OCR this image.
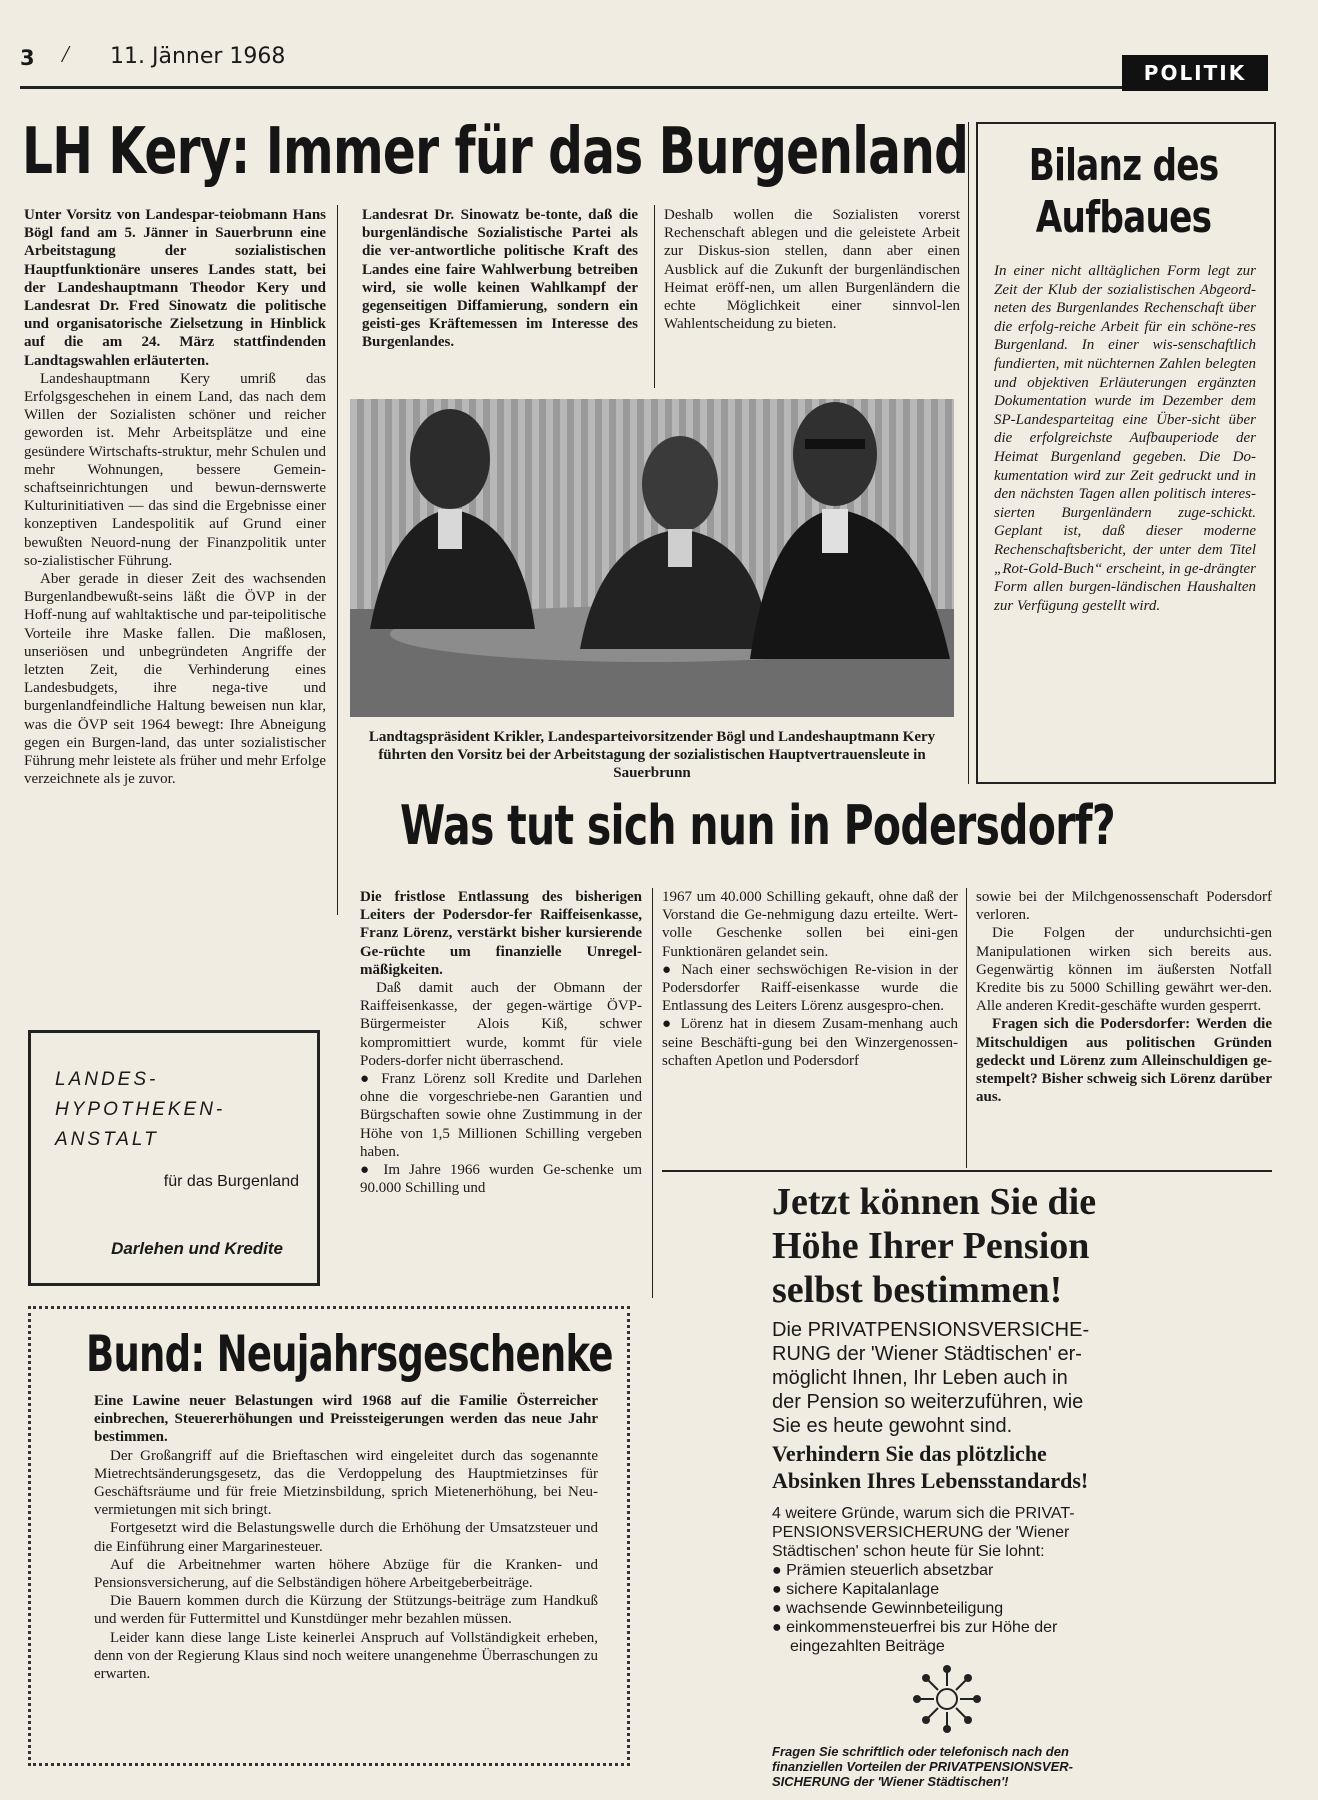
3 / 11. Jänner 1968
POLITIK
LH Kery: Immer für das Burgenland

Unter Vorsitz von Landespar-teiobmann Hans Bögl fand am 5. Jänner in Sauerbrunn eine Arbeitstagung der sozialistischen Hauptfunktionäre unseres Landes statt, bei der Landeshauptmann Theodor Kery und Landesrat Dr. Fred Sinowatz die politische und organisatorische Zielsetzung in Hinblick auf die am 24. März stattfindenden Landtagswahlen erläuterten.

Landeshauptmann Kery umriß das Erfolgsgeschehen in einem Land, das nach dem Willen der Sozialisten schöner und reicher geworden ist. Mehr Arbeitsplätze und eine gesündere Wirtschafts-struktur, mehr Schulen und mehr Wohnungen, bessere Gemein-schaftseinrichtungen und bewun-dernswerte Kulturinitiativen — das sind die Ergebnisse einer konzeptiven Landespolitik auf Grund einer bewußten Neuord-nung der Finanzpolitik unter so-zialistischer Führung.

Aber gerade in dieser Zeit des wachsenden Burgenlandbewußt-seins läßt die ÖVP in der Hoff-nung auf wahltaktische und par-teipolitische Vorteile ihre Maske fallen. Die maßlosen, unseriösen und unbegründeten Angriffe der letzten Zeit, die Verhinderung eines Landesbudgets, ihre nega-tive und burgenlandfeindliche Haltung beweisen nun klar, was die ÖVP seit 1964 bewegt: Ihre Abneigung gegen ein Burgen-land, das unter sozialistischer Führung mehr leistete als früher und mehr Erfolge verzeichnete als je zuvor.

Landesrat Dr. Sinowatz be-tonte, daß die burgenländische Sozialistische Partei als die ver-antwortliche politische Kraft des Landes eine faire Wahlwerbung betreiben wird, sie wolle keinen Wahlkampf der gegenseitigen Diffamierung, sondern ein geisti-ges Kräftemessen im Interesse des Burgenlandes.

Deshalb wollen die Sozialisten vorerst Rechenschaft ablegen und die geleistete Arbeit zur Diskus-sion stellen, dann aber einen Ausblick auf die Zukunft der burgenländischen Heimat eröff-nen, um allen Burgenländern die echte Möglichkeit einer sinnvol-len Wahlentscheidung zu bieten.

Landtagspräsident Krikler, Landesparteivorsitzender Bögl und Landeshauptmann Kery führten den Vorsitz bei der Arbeitstagung der sozialistischen Hauptvertrauensleute in Sauerbrunn
Bilanz des
Aufbaues

In einer nicht alltäglichen Form legt zur Zeit der Klub der sozialistischen Abgeord-neten des Burgenlandes Rechenschaft über die erfolg-reiche Arbeit für ein schöne-res Burgenland. In einer wis-senschaftlich fundierten, mit nüchternen Zahlen belegten und objektiven Erläuterungen ergänzten Dokumentation wurde im Dezember dem SP-Landesparteitag eine Über-sicht über die erfolgreichste Aufbauperiode der Heimat Burgenland gegeben. Die Do-kumentation wird zur Zeit gedruckt und in den nächsten Tagen allen politisch interes-sierten Burgenländern zuge-schickt. Geplant ist, daß dieser moderne Rechenschaftsbericht, der unter dem Titel „Rot-Gold-Buch“ erscheint, in ge-drängter Form allen burgen-ländischen Haushalten zur Verfügung gestellt wird.

Was tut sich nun in Podersdorf?

Die fristlose Entlassung des bisherigen Leiters der Podersdor-fer Raiffeisenkasse, Franz Lörenz, verstärkt bisher kursierende Ge-rüchte um finanzielle Unregel-mäßigkeiten.

Daß damit auch der Obmann der Raiffeisenkasse, der gegen-wärtige ÖVP-Bürgermeister Alois Kiß, schwer kompromittiert wurde, kommt für viele Poders-dorfer nicht überraschend.

● Franz Lörenz soll Kredite und Darlehen ohne die vorgeschriebe-nen Garantien und Bürgschaften sowie ohne Zustimmung in der Höhe von 1,5 Millionen Schilling vergeben haben.

● Im Jahre 1966 wurden Ge-schenke um 90.000 Schilling und

1967 um 40.000 Schilling gekauft, ohne daß der Vorstand die Ge-nehmigung dazu erteilte. Wert-volle Geschenke sollen bei eini-gen Funktionären gelandet sein.

● Nach einer sechswöchigen Re-vision in der Podersdorfer Raiff-eisenkasse wurde die Entlassung des Leiters Lörenz ausgespro-chen.

● Lörenz hat in diesem Zusam-menhang auch seine Beschäfti-gung bei den Winzergenossen-schaften Apetlon und Podersdorf

sowie bei der Milchgenossenschaft Podersdorf verloren.

Die Folgen der undurchsichti-gen Manipulationen wirken sich bereits aus. Gegenwärtig können im äußersten Notfall Kredite bis zu 5000 Schilling gewährt wer-den. Alle anderen Kredit-geschäfte wurden gesperrt.

Fragen sich die Podersdorfer: Werden die Mitschuldigen aus politischen Gründen gedeckt und Lörenz zum Alleinschuldigen ge-stempelt? Bisher schweig sich Lörenz darüber aus.

LANDES-
HYPOTHEKEN-
ANSTALT
für das Burgenland
Darlehen und Kredite
Bund: Neujahrsgeschenke

Eine Lawine neuer Belastungen wird 1968 auf die Familie Österreicher einbrechen, Steuererhöhungen und Preissteigerungen werden das neue Jahr bestimmen.

Der Großangriff auf die Brieftaschen wird eingeleitet durch das sogenannte Mietrechtsänderungsgesetz, das die Verdoppelung des Hauptmietzinses für Geschäftsräume und für freie Mietzinsbildung, sprich Mietenerhöhung, bei Neu-vermietungen mit sich bringt.

Fortgesetzt wird die Belastungswelle durch die Erhöhung der Umsatzsteuer und die Einführung einer Margarinesteuer.

Auf die Arbeitnehmer warten höhere Abzüge für die Kranken- und Pensionsversicherung, auf die Selbständigen höhere Arbeitgeberbeiträge.

Die Bauern kommen durch die Kürzung der Stützungs-beiträge zum Handkuß und werden für Futtermittel und Kunstdünger mehr bezahlen müssen.

Leider kann diese lange Liste keinerlei Anspruch auf Vollständigkeit erheben, denn von der Regierung Klaus sind noch weitere unangenehme Überraschungen zu erwarten.

Jetzt können Sie die
Höhe Ihrer Pension
selbst bestimmen!
Die PRIVATPENSIONSVERSICHE-
RUNG der 'Wiener Städtischen' er-
möglicht Ihnen, Ihr Leben auch in
der Pension so weiterzuführen, wie
Sie es heute gewohnt sind.
Verhindern Sie das plötzliche
Absinken Ihres Lebensstandards!
4 weitere Gründe, warum sich die PRIVAT-
PENSIONSVERSICHERUNG der 'Wiener
Städtischen' schon heute für Sie lohnt:
● Prämien steuerlich absetzbar
● sichere Kapitalanlage
● wachsende Gewinnbeteiligung
● einkommensteuerfrei bis zur Höhe der
eingezahlten Beiträge
Fragen Sie schriftlich oder telefonisch nach den
finanziellen Vorteilen der PRIVATPENSIONSVER-
SICHERUNG der 'Wiener Städtischen'!
